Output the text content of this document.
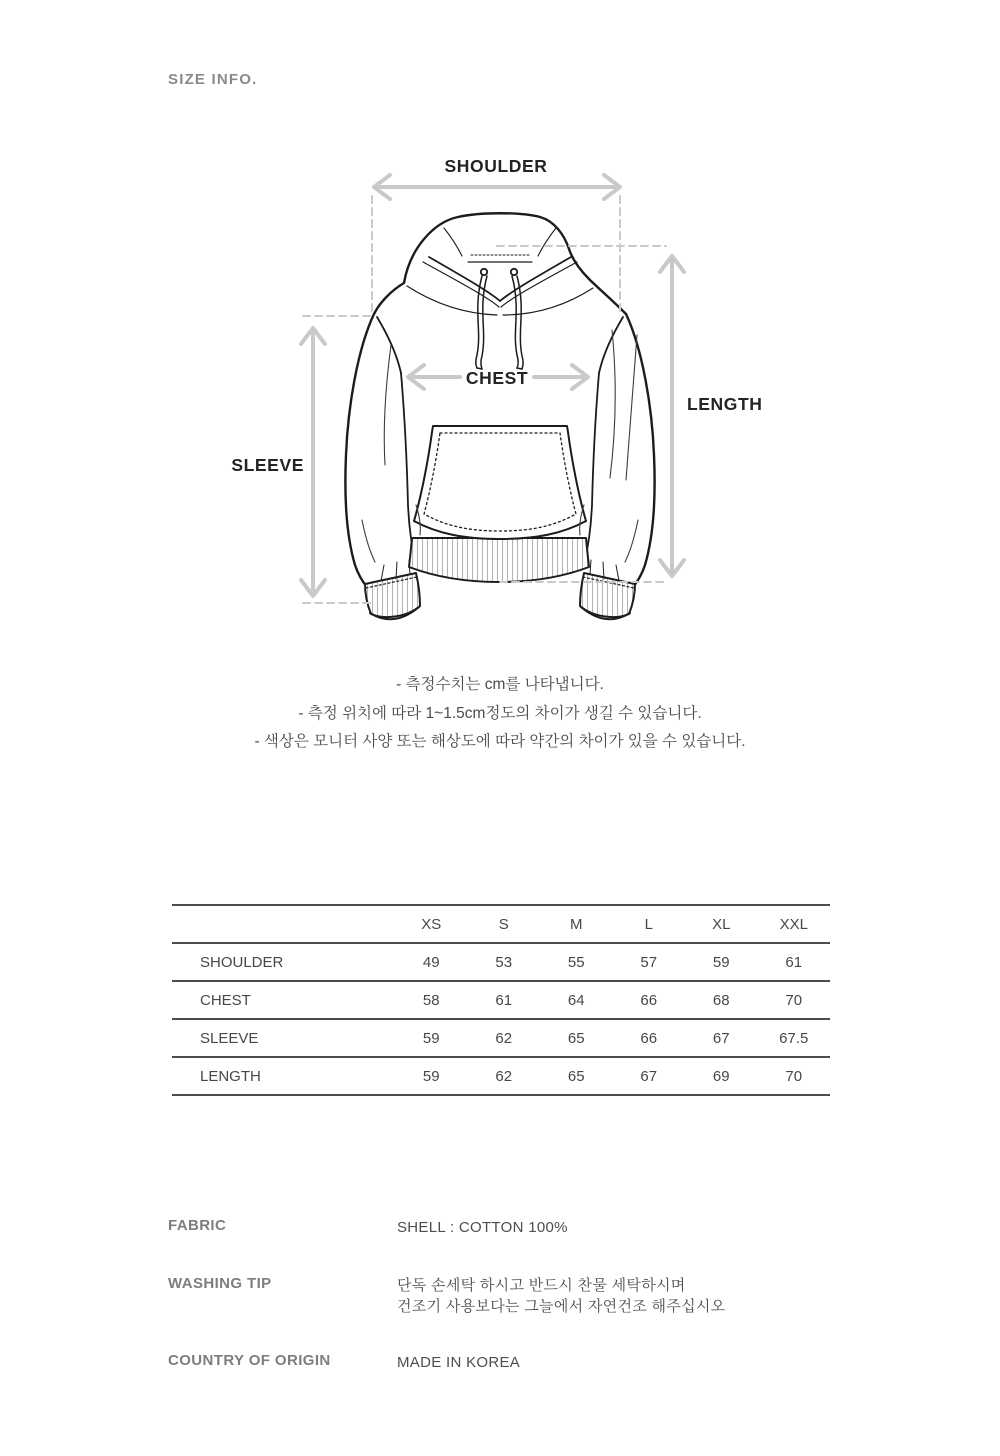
SIZE INFO.
SHOULDER
CHEST
SLEEVE
LENGTH
- 측정수치는 cm를 나타냅니다.
- 측정 위치에 따라 1~1.5cm정도의 차이가 생길 수 있습니다.
- 색상은 모니터 사양 또는 해상도에 따라 약간의 차이가 있을 수 있습니다.
	XS	S	M	L	XL	XXL
SHOULDER	49	53	55	57	59	61
CHEST	58	61	64	66	68	70
SLEEVE	59	62	65	66	67	67.5
LENGTH	59	62	65	67	69	70
FABRIC	SHELL : COTTON 100%
WASHING TIP	단독 손세탁 하시고 반드시 찬물 세탁하시며
건조기 사용보다는 그늘에서 자연건조 해주십시오
COUNTRY OF ORIGIN	MADE IN KOREA
